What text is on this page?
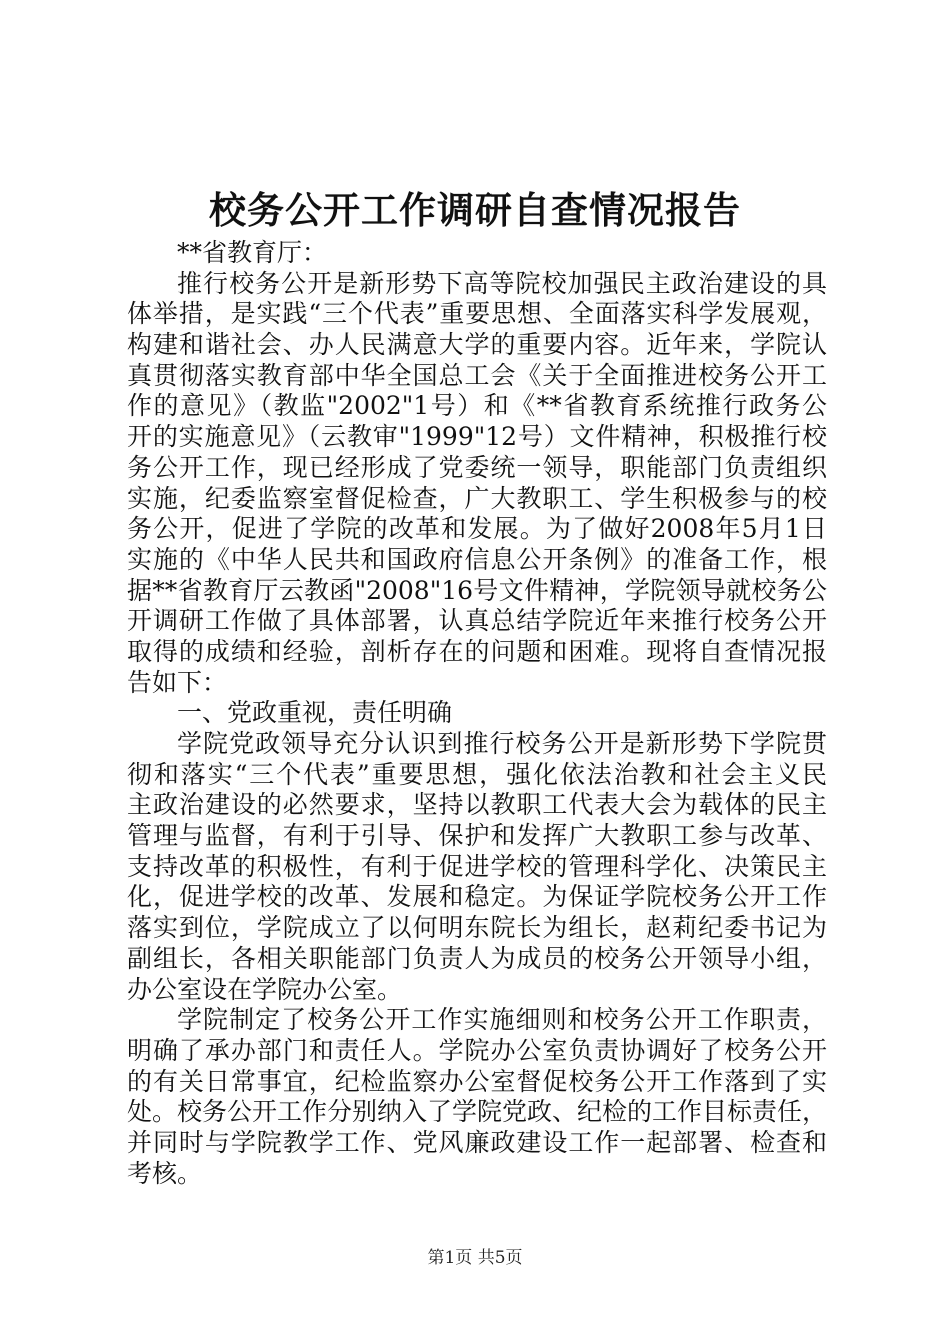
校务公开工作调研自查情况报告
**省教育厅：
推行校务公开是新形势下高等院校加强民主政治建设的具
体举措，是实践“三个代表”重要思想、全面落实科学发展观，
构建和谐社会、办人民满意大学的重要内容。近年来，学院认
真贯彻落实教育部中华全国总工会《关于全面推进校务公开工
作的意见》（教监"2002"1号）和《**省教育系统推行政务公
开的实施意见》（云教审"1999"12号）文件精神，积极推行校
务公开工作，现已经形成了党委统一领导，职能部门负责组织
实施，纪委监察室督促检查，广大教职工、学生积极参与的校
务公开，促进了学院的改革和发展。为了做好2008年5月1日
实施的《中华人民共和国政府信息公开条例》的准备工作，根
据**省教育厅云教函"2008"16号文件精神，学院领导就校务公
开调研工作做了具体部署，认真总结学院近年来推行校务公开
取得的成绩和经验，剖析存在的问题和困难。现将自查情况报
告如下：
一、党政重视，责任明确
学院党政领导充分认识到推行校务公开是新形势下学院贯
彻和落实“三个代表”重要思想，强化依法治教和社会主义民
主政治建设的必然要求，坚持以教职工代表大会为载体的民主
管理与监督，有利于引导、保护和发挥广大教职工参与改革、
支持改革的积极性，有利于促进学校的管理科学化、决策民主
化，促进学校的改革、发展和稳定。为保证学院校务公开工作
落实到位，学院成立了以何明东院长为组长，赵莉纪委书记为
副组长，各相关职能部门负责人为成员的校务公开领导小组，
办公室设在学院办公室。
学院制定了校务公开工作实施细则和校务公开工作职责，
明确了承办部门和责任人。学院办公室负责协调好了校务公开
的有关日常事宜，纪检监察办公室督促校务公开工作落到了实
处。校务公开工作分别纳入了学院党政、纪检的工作目标责任，
并同时与学院教学工作、党风廉政建设工作一起部署、检查和
考核。
第1页 共5页
